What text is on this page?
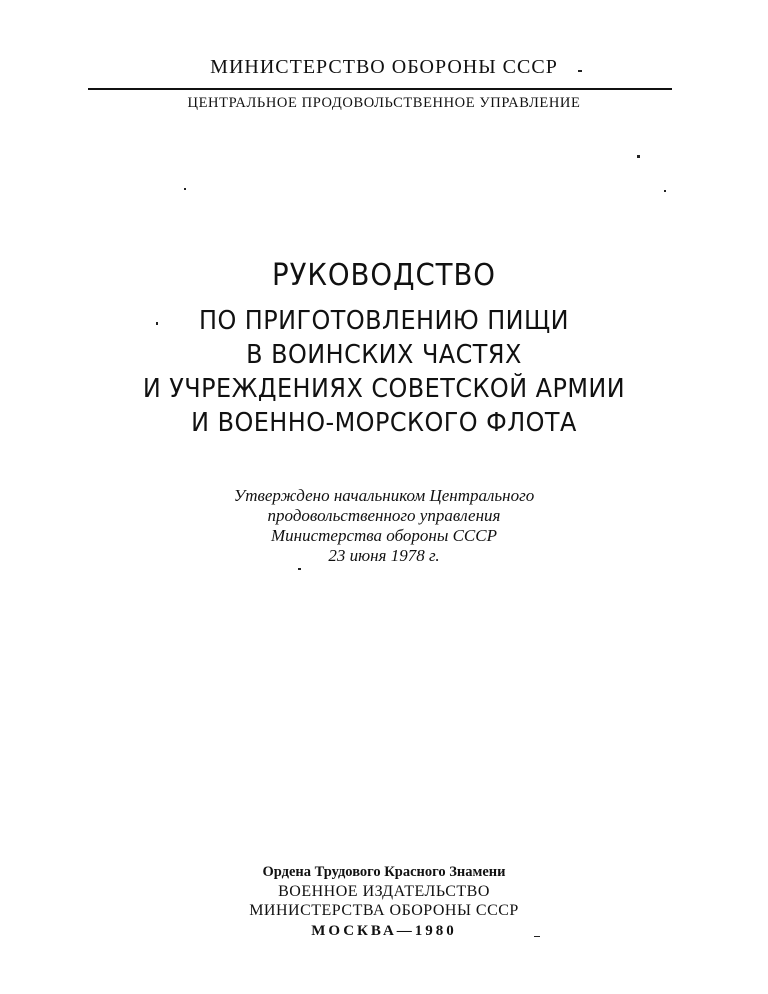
МИНИСТЕРСТВО ОБОРОНЫ СССР
ЦЕНТРАЛЬНОЕ ПРОДОВОЛЬСТВЕННОЕ УПРАВЛЕНИЕ
РУКОВОДСТВО
ПО ПРИГОТОВЛЕНИЮ ПИЩИ
В ВОИНСКИХ ЧАСТЯХ
И УЧРЕЖДЕНИЯХ СОВЕТСКОЙ АРМИИ
И ВОЕННО-МОРСКОГО ФЛОТА
Утверждено начальником Центрального
продовольственного управления
Министерства обороны СССР
23 июня 1978 г.
Ордена Трудового Красного Знамени
ВОЕННОЕ ИЗДАТЕЛЬСТВО
МИНИСТЕРСТВА ОБОРОНЫ СССР
МОСКВА—1980
